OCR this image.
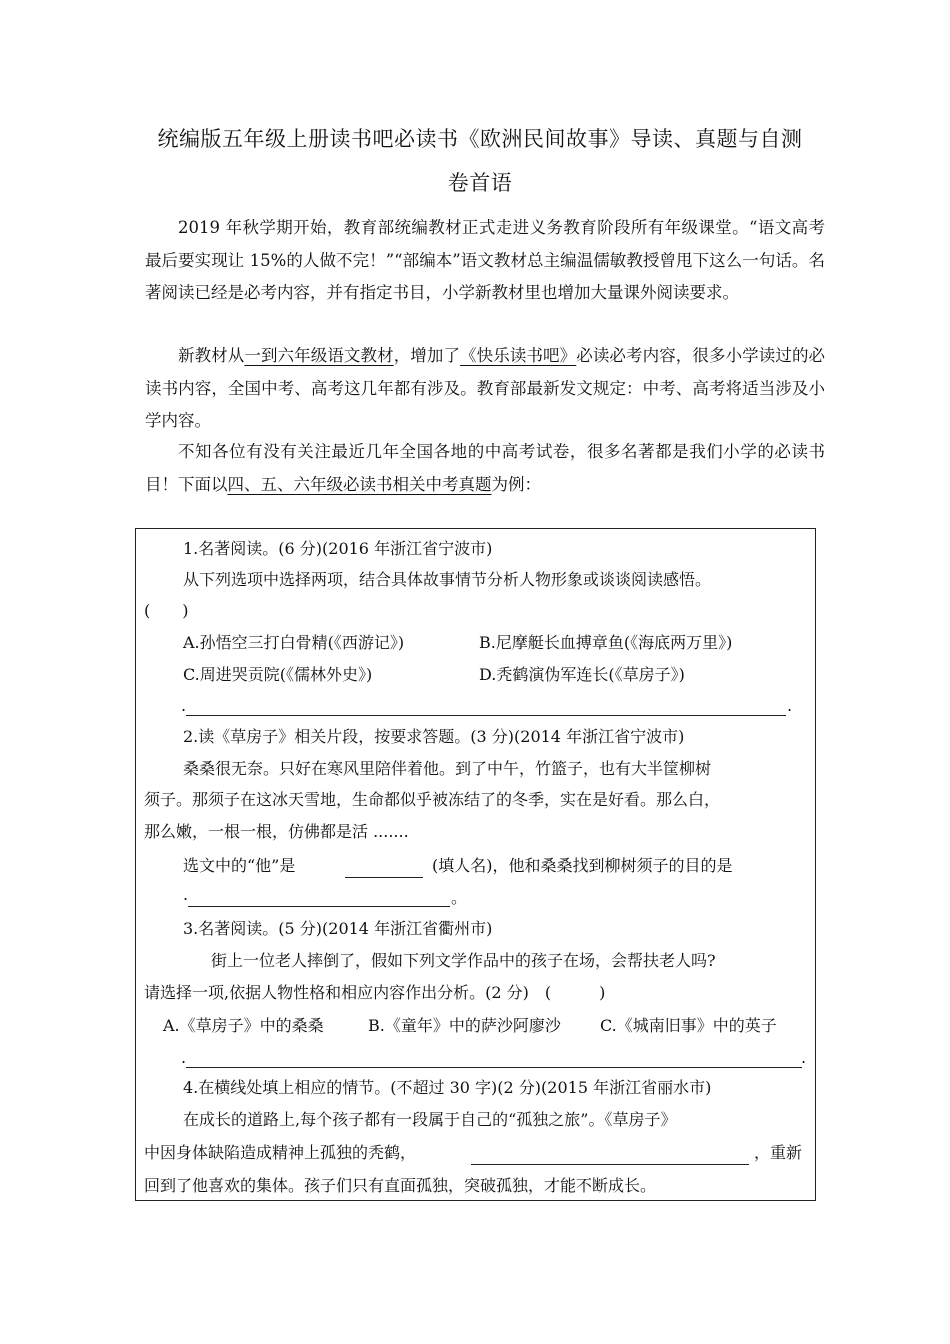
统编版五年级上册读书吧必读书《欧洲民间故事》导读、真题与自测
卷首语
2019 年秋学期开始，教育部统编教材正式走进义务教育阶段所有年级课堂。“语文高考最后要实现让 15%的人做不完！”“部编本”语文教材总主编温儒敏教授曾甩下这么一句话。名著阅读已经是必考内容，并有指定书目，小学新教材里也增加大量课外阅读要求。
新教材从一到六年级语文教材，增加了《快乐读书吧》必读必考内容，很多小学读过的必读书内容，全国中考、高考这几年都有涉及。教育部最新发文规定：中考、高考将适当涉及小学内容。
不知各位有没有关注最近几年全国各地的中高考试卷，很多名著都是我们小学的必读书目！下面以四、五、六年级必读书相关中考真题为例：
1.名著阅读。(6 分)(2016 年浙江省宁波市)
从下列选项中选择两项，结合具体故事情节分析人物形象或谈谈阅读感悟。
(　　)
A.孙悟空三打白骨精(《西游记》)	B.尼摩艇长血搏章鱼(《海底两万里》)
C.周进哭贡院(《儒林外史》)	D.秃鹤演伪军连长(《草房子》)
.	.
2.读《草房子》相关片段，按要求答题。(3 分)(2014 年浙江省宁波市)
桑桑很无奈。只好在寒风里陪伴着他。到了中午，竹篮子，也有大半筐柳树
须子。那须子在这冰天雪地，生命都似乎被冻结了的冬季，实在是好看。那么白，
那么嫩，一根一根，仿佛都是活 .......
选文中的“他”是	(填人名)，他和桑桑找到柳树须子的目的是
.	。
3.名著阅读。(5 分)(2014 年浙江省衢州市)
街上一位老人摔倒了，假如下列文学作品中的孩子在场，会帮扶老人吗?
请选择一项,依据人物性格和相应内容作出分析。(2 分)　(　　　)
A.《草房子》中的桑桑	B.《童年》中的萨沙阿廖沙 C.《城南旧事》中的英子
.	.
4.在横线处填上相应的情节。(不超过 30 字)(2 分)(2015 年浙江省丽水市)
在成长的道路上,每个孩子都有一段属于自己的“孤独之旅”。《草房子》
中因身体缺陷造成精神上孤独的秃鹤，	，重新
回到了他喜欢的集体。孩子们只有直面孤独，突破孤独，才能不断成长。
